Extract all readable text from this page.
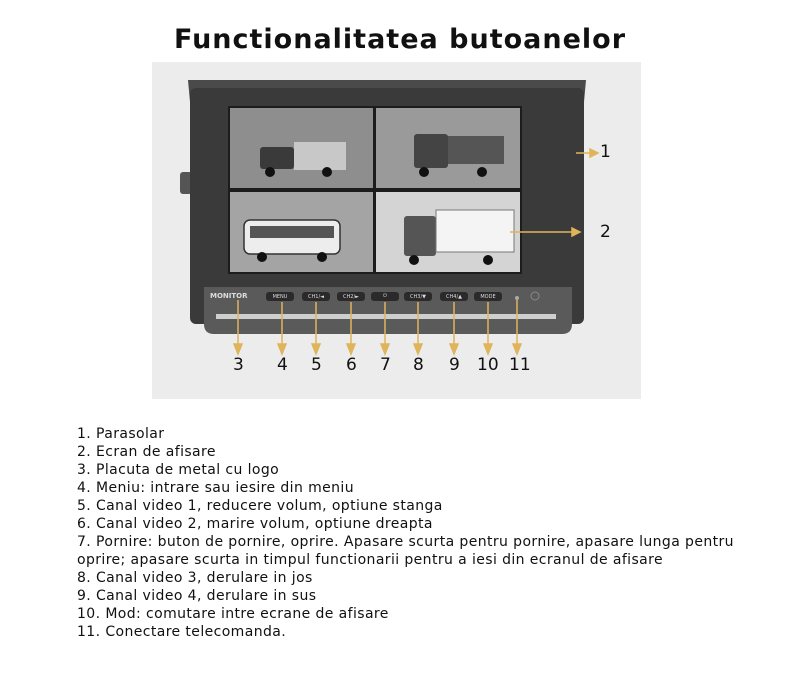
Functionalitatea butoanelor
MONITOR	MENU	CH1/◄	CH2/►	⏻	CH3/▼	CH4/▲	MODE
1
2
3 4 5 6 7 8 9 10 11
1. Parasolar
2. Ecran de afisare
3. Placuta de metal cu logo
4. Meniu: intrare sau iesire din meniu
5. Canal video 1, reducere volum, optiune stanga
6. Canal video 2, marire volum, optiune dreapta
7. Pornire: buton de pornire, oprire. Apasare scurta pentru pornire, apasare lunga pentru oprire; apasare scurta in timpul functionarii pentru a iesi din ecranul de afisare
8. Canal video 3, derulare in jos
9. Canal video 4, derulare in sus
10. Mod: comutare intre ecrane de afisare
11. Conectare telecomanda.
